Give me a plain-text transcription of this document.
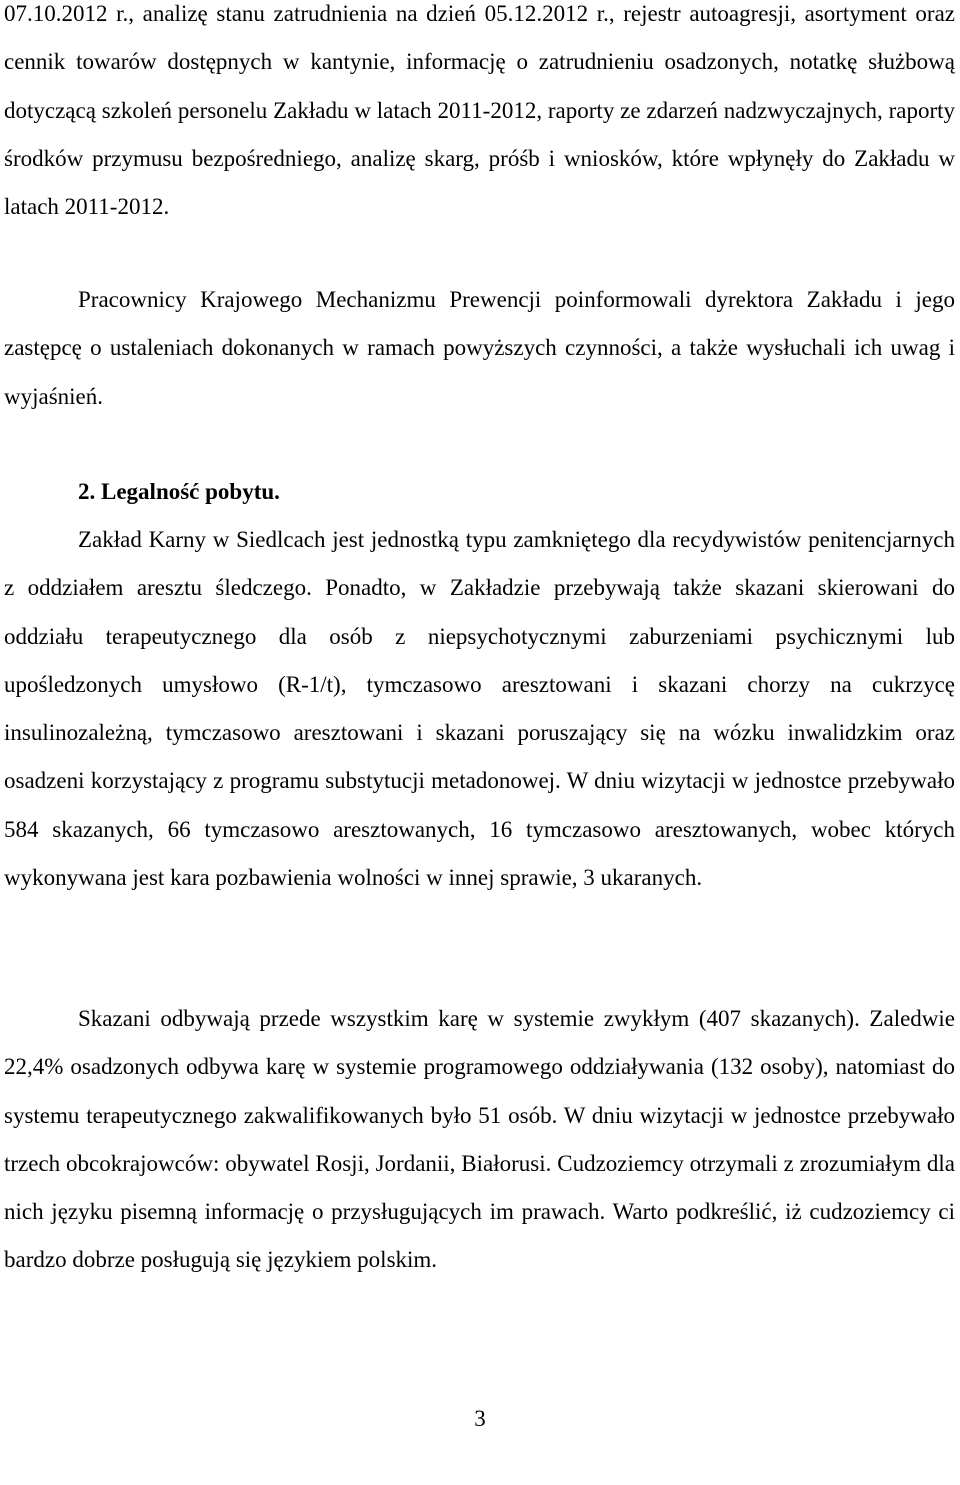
07.10.2012 r., analizę stanu zatrudnienia na dzień 05.12.2012 r., rejestr autoagresji, asortyment oraz cennik towarów dostępnych w kantynie, informację o zatrudnieniu osadzonych, notatkę służbową dotyczącą szkoleń personelu Zakładu w latach 2011-2012, raporty ze zdarzeń nadzwyczajnych, raporty środków przymusu bezpośredniego, analizę skarg, próśb i wniosków, które wpłynęły do Zakładu w latach 2011-2012.

Pracownicy Krajowego Mechanizmu Prewencji poinformowali dyrektora Zakładu i jego zastępcę o ustaleniach dokonanych w ramach powyższych czynności, a także wysłuchali ich uwag i wyjaśnień.

2. Legalność pobytu.

Zakład Karny w Siedlcach jest jednostką typu zamkniętego dla recydywistów penitencjarnych z oddziałem aresztu śledczego. Ponadto, w Zakładzie przebywają także skazani skierowani do oddziału terapeutycznego dla osób z niepsychotycznymi zaburzeniami psychicznymi lub upośledzonych umysłowo (R-1/t), tymczasowo aresztowani i skazani chorzy na cukrzycę insulinozależną, tymczasowo aresztowani i skazani poruszający się na wózku inwalidzkim oraz osadzeni korzystający z programu substytucji metadonowej. W dniu wizytacji w jednostce przebywało 584 skazanych, 66 tymczasowo aresztowanych, 16 tymczasowo aresztowanych, wobec których wykonywana jest kara pozbawienia wolności w innej sprawie, 3 ukaranych.

Skazani odbywają przede wszystkim karę w systemie zwykłym (407 skazanych). Zaledwie 22,4% osadzonych odbywa karę w systemie programowego oddziaływania (132 osoby), natomiast do systemu terapeutycznego zakwalifikowanych było 51 osób. W dniu wizytacji w jednostce przebywało trzech obcokrajowców: obywatel Rosji, Jordanii, Białorusi. Cudzoziemcy otrzymali z zrozumiałym dla nich języku pisemną informację o przysługujących im prawach. Warto podkreślić, iż cudzoziemcy ci bardzo dobrze posługują się językiem polskim.

3
